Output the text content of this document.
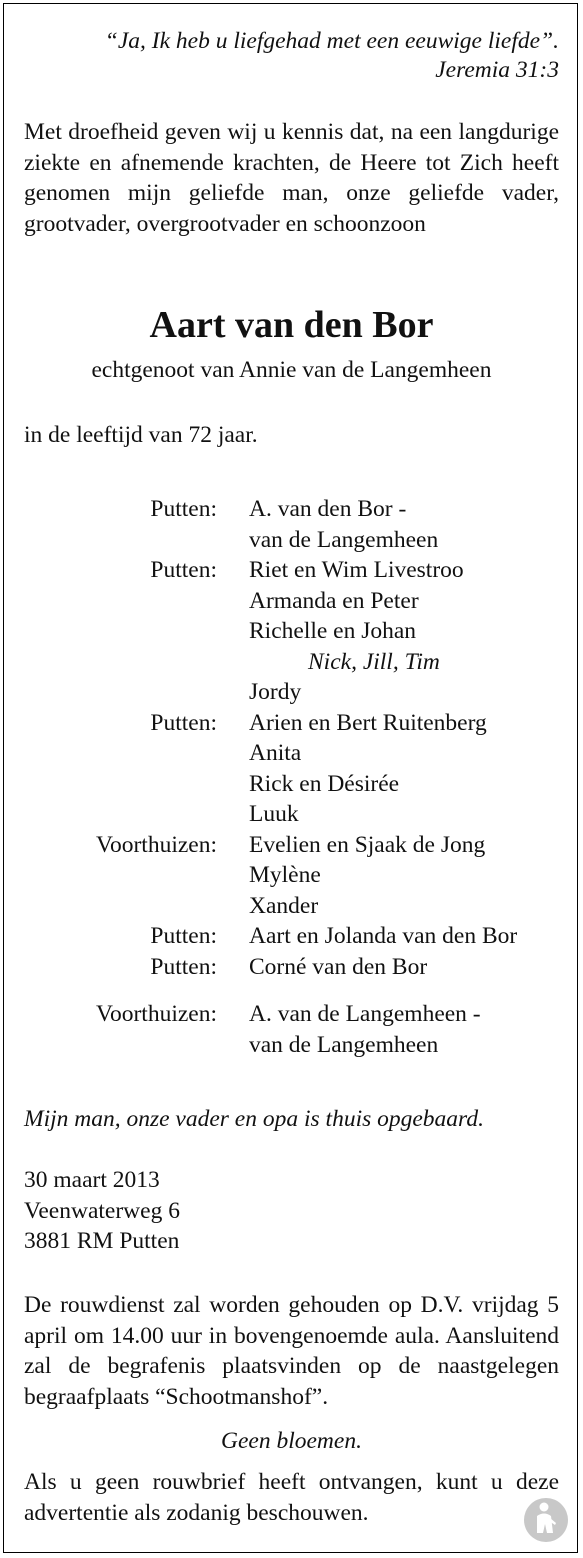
“Ja, Ik heb u liefgehad met een eeuwige liefde”.
Jeremia 31:3
Met droefheid geven wij u kennis dat, na een langdurige ziekte en afnemende krachten, de Heere tot Zich heeft genomen mijn geliefde man, onze geliefde vader, grootvader, overgrootvader en schoonzoon
Aart van den Bor
echtgenoot van Annie van de Langemheen
in de leeftijd van 72 jaar.
Putten: A. van den Bor -
van de Langemheen
Putten: Riet en Wim Livestroo
Armanda en Peter
Richelle en Johan
Nick, Jill, Tim
Jordy
Putten: Arien en Bert Ruitenberg
Anita
Rick en Désirée
Luuk
Voorthuizen: Evelien en Sjaak de Jong
Mylène
Xander
Putten: Aart en Jolanda van den Bor
Putten: Corné van den Bor
Voorthuizen: A. van de Langemheen -
van de Langemheen
Mijn man, onze vader en opa is thuis opgebaard.
30 maart 2013
Veenwaterweg 6
3881 RM Putten
De rouwdienst zal worden gehouden op D.V. vrijdag 5 april om 14.00 uur in bovengenoemde aula. Aansluitend zal de begrafenis plaatsvinden op de naastgelegen begraafplaats “Schootmanshof”.
Geen bloemen.
Als u geen rouwbrief heeft ontvangen, kunt u deze advertentie als zodanig beschouwen.
